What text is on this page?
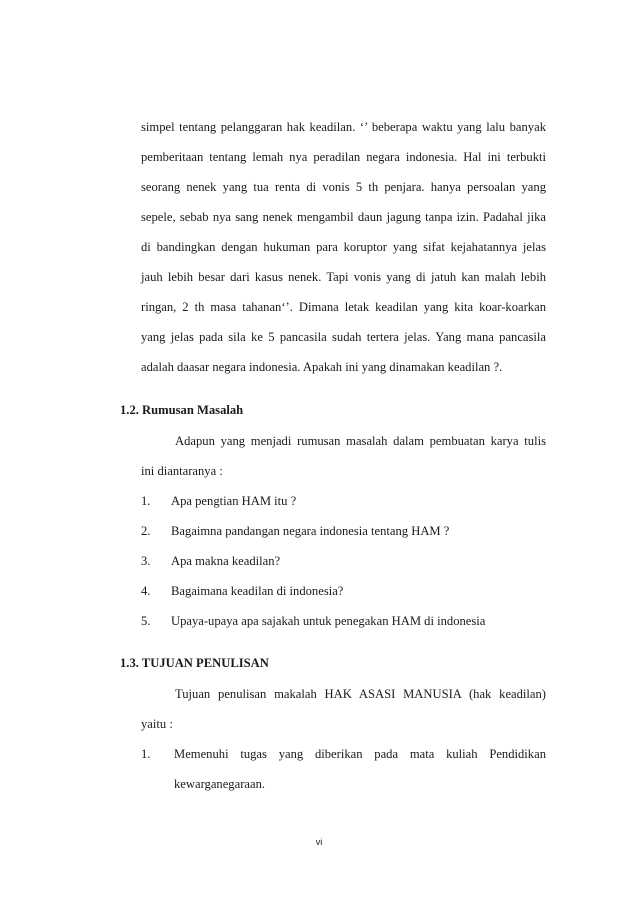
simpel tentang pelanggaran hak keadilan. ‘’ beberapa waktu yang lalu banyak
pemberitaan tentang lemah nya peradilan negara indonesia. Hal ini terbukti
seorang nenek yang tua renta di vonis 5 th penjara. hanya persoalan yang
sepele, sebab nya sang nenek mengambil daun jagung tanpa izin. Padahal jika
di bandingkan dengan hukuman para koruptor yang sifat kejahatannya jelas
jauh lebih besar dari kasus nenek. Tapi vonis yang di jatuh kan malah lebih
ringan, 2 th masa tahanan‘’. Dimana letak keadilan yang kita koar-koarkan
yang jelas pada sila ke 5 pancasila sudah tertera jelas. Yang mana pancasila
adalah daasar negara indonesia. Apakah ini yang dinamakan keadilan ?.
1.2. Rumusan Masalah
Adapun yang menjadi rumusan masalah dalam pembuatan karya tulis
ini diantaranya :
1. Apa pengtian HAM itu ?
2. Bagaimna pandangan negara indonesia tentang HAM ?
3. Apa makna keadilan?
4. Bagaimana keadilan di indonesia?
5. Upaya-upaya apa sajakah untuk penegakan HAM di indonesia
1.3. TUJUAN PENULISAN
Tujuan penulisan makalah HAK ASASI MANUSIA (hak keadilan)
yaitu :
1. Memenuhi tugas yang diberikan pada mata kuliah Pendidikan
kewarganegaraan.
vi
